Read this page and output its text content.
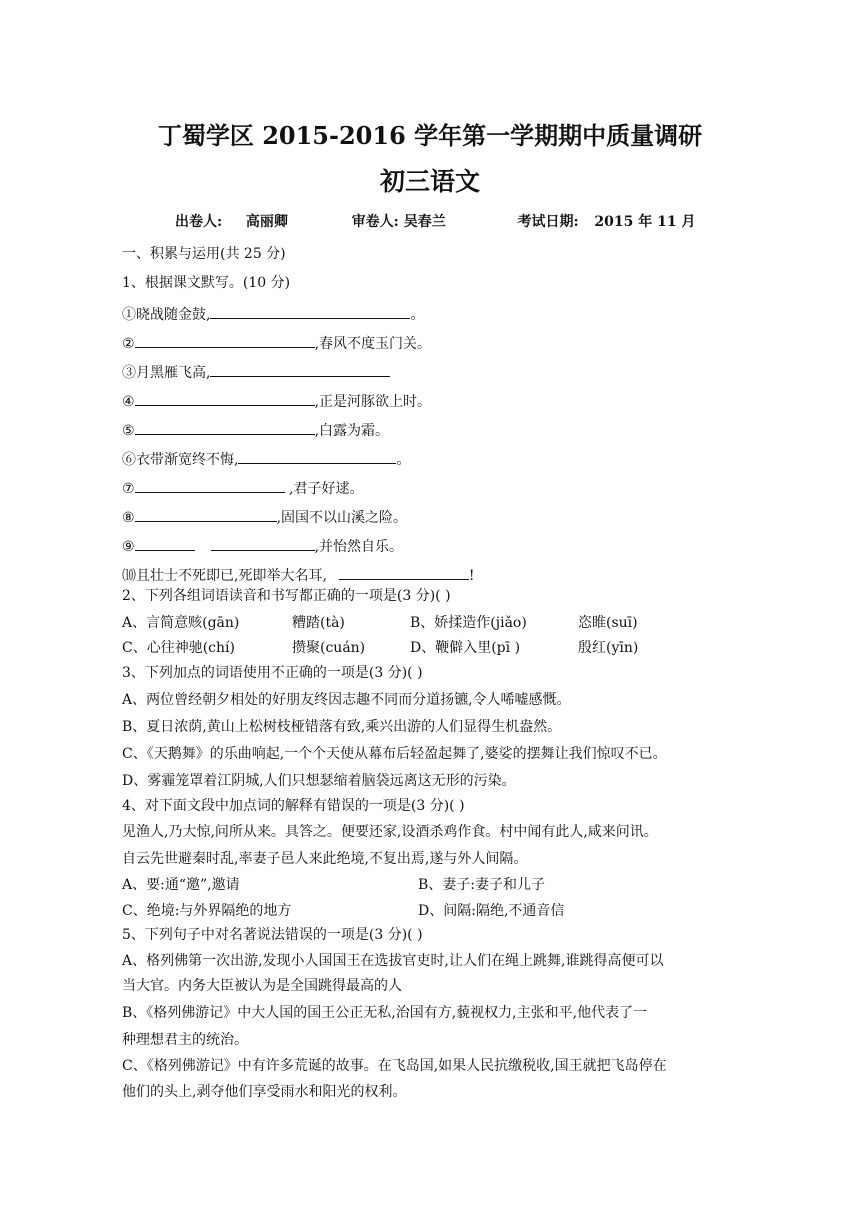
丁蜀学区 2015-2016 学年第一学期期中质量调研
初三语文
出卷人: 高丽卿	审卷人: 吴春兰	考试日期: 2015 年 11 月
一、积累与运用(共 25 分)
1、根据课文默写。(10 分)
①晓战随金鼓,	。
②	,春风不度玉门关。
③月黑雁飞高,
④	,正是河豚欲上时。
⑤	,白露为霜。
⑥衣带渐宽终不悔,	。
⑦	,君子好逑。
⑧	,固国不以山溪之险。
⑨	,并怡然自乐。
⑽且壮士不死即已,死即举大名耳,	!
2、下列各组词语读音和书写都正确的一项是(3 分)( )
A、言简意赅(gān)	糟踏(tà)	B、娇揉造作(jiǎo)	恣睢(suī)
C、心往神驰(chí)	攒聚(cuán)	D、鞭僻入里(pī )	殷红(yīn)
3、下列加点的词语使用不正确的一项是(3 分)( )
A、两位曾经朝夕相处的好朋友终因志趣不同而分道扬镳,令人唏嘘感慨。
B、夏日浓荫,黄山上松树枝桠错落有致,乘兴出游的人们显得生机盎然。
C、《天鹅舞》的乐曲响起,一个个天使从幕布后轻盈起舞了,婆娑的摆舞让我们惊叹不已。
D、雾霾笼罩着江阴城,人们只想瑟缩着脑袋远离这无形的污染。
4、对下面文段中加点词的解释有错误的一项是(3 分)( )
见渔人,乃大惊,问所从来。具答之。便要还家,设酒杀鸡作食。村中闻有此人,咸来问讯。
自云先世避秦时乱,率妻子邑人来此绝境,不复出焉,遂与外人间隔。
A、要:通“邀”,邀请	B、妻子:妻子和儿子
C、绝境:与外界隔绝的地方	D、间隔:隔绝,不通音信
5、下列句子中对名著说法错误的一项是(3 分)( )
A、格列佛第一次出游,发现小人国国王在选拔官吏时,让人们在绳上跳舞,谁跳得高便可以
当大官。内务大臣被认为是全国跳得最高的人
B、《格列佛游记》中大人国的国王公正无私,治国有方,藐视权力,主张和平,他代表了一
种理想君主的统治。
C、《格列佛游记》中有许多荒诞的故事。在飞岛国,如果人民抗缴税收,国王就把飞岛停在
他们的头上,剥夺他们享受雨水和阳光的权利。
